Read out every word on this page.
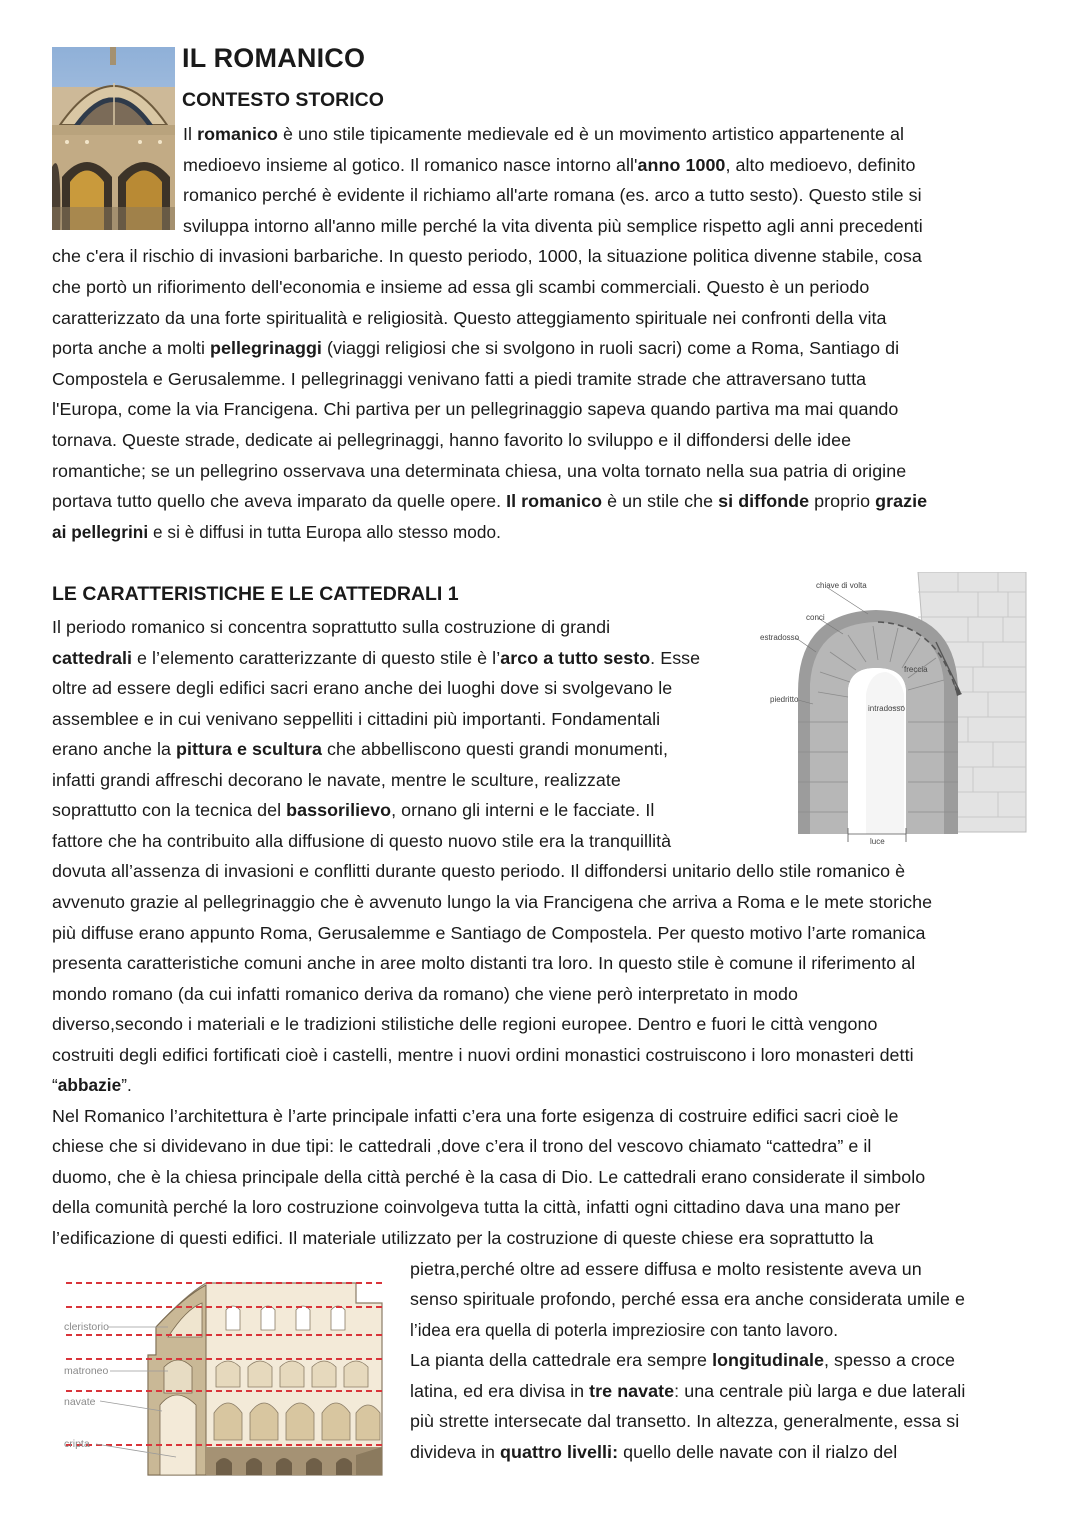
IL ROMANICO
CONTESTO STORICO
Il romanico è uno stile tipicamente medievale ed è un movimento artistico appartenente al
medioevo insieme al gotico. Il romanico nasce intorno all'anno 1000, alto medioevo, definito
romanico perché è evidente il richiamo all'arte romana (es. arco a tutto sesto). Questo stile si
sviluppa intorno all'anno mille perché la vita diventa più semplice rispetto agli anni precedenti
che c'era il rischio di invasioni barbariche. In questo periodo, 1000, la situazione politica divenne stabile, cosa
che portò un rifiorimento dell'economia e insieme ad essa gli scambi commerciali. Questo è un periodo
caratterizzato da una forte spiritualità e religiosità. Questo atteggiamento spirituale nei confronti della vita
porta anche a molti pellegrinaggi (viaggi religiosi che si svolgono in ruoli sacri) come a Roma, Santiago di
Compostela e Gerusalemme. I pellegrinaggi venivano fatti a piedi tramite strade che attraversano tutta
l'Europa, come la via Francigena. Chi partiva per un pellegrinaggio sapeva quando partiva ma mai quando
tornava. Queste strade, dedicate ai pellegrinaggi, hanno favorito lo sviluppo e il diffondersi delle idee
romantiche; se un pellegrino osservava una determinata chiesa, una volta tornato nella sua patria di origine
portava tutto quello che aveva imparato da quelle opere. Il romanico è un stile che si diffonde proprio grazie
ai pellegrini e si è diffusi in tutta Europa allo stesso modo.
LE CARATTERISTICHE E LE CATTEDRALI 1
Il periodo romanico si concentra soprattutto sulla costruzione di grandi
cattedrali e l’elemento caratterizzante di questo stile è l’arco a tutto sesto. Esse
oltre ad essere degli edifici sacri erano anche dei luoghi dove si svolgevano le
assemblee e in cui venivano seppelliti i cittadini più importanti. Fondamentali
erano anche la pittura e scultura che abbelliscono questi grandi monumenti,
infatti grandi affreschi decorano le navate, mentre le sculture, realizzate
soprattutto con la tecnica del bassorilievo, ornano gli interni e le facciate. Il
fattore che ha contribuito alla diffusione di questo nuovo stile era la tranquillità
dovuta all’assenza di invasioni e conflitti durante questo periodo. Il diffondersi unitario dello stile romanico è
avvenuto grazie al pellegrinaggio che è avvenuto lungo la via Francigena che arriva a Roma e le mete storiche
più diffuse erano appunto Roma, Gerusalemme e Santiago de Compostela. Per questo motivo l’arte romanica
presenta caratteristiche comuni anche in aree molto distanti tra loro. In questo stile è comune il riferimento al
mondo romano (da cui infatti romanico deriva da romano) che viene però interpretato in modo
diverso,secondo i materiali e le tradizioni stilistiche delle regioni europee. Dentro e fuori le città vengono
costruiti degli edifici fortificati cioè i castelli, mentre i nuovi ordini monastici costruiscono i loro monasteri detti
“abbazie”.
Nel Romanico l’architettura è l’arte principale infatti c’era una forte esigenza di costruire edifici sacri cioè le
chiese che si dividevano in due tipi: le cattedrali ,dove c’era il trono del vescovo chiamato “cattedra” e il
duomo, che è la chiesa principale della città perché è la casa di Dio. Le cattedrali erano considerate il simbolo
della comunità perché la loro costruzione coinvolgeva tutta la città, infatti ogni cittadino dava una mano per
l’edificazione di questi edifici. Il materiale utilizzato per la costruzione di queste chiese era soprattutto la
pietra,perché oltre ad essere diffusa e molto resistente aveva un
senso spirituale profondo, perché essa era anche considerata umile e
l’idea era quella di poterla impreziosire con tanto lavoro.
La pianta della cattedrale era sempre longitudinale, spesso a croce
latina, ed era divisa in tre navate: una centrale più larga e due laterali
più strette intersecate dal transetto. In altezza, generalmente, essa si
divideva in quattro livelli: quello delle navate con il rialzo del
chiave di volta
conci
estradosso
freccia
intradosso
piedritto
luce
cleristorio
matroneo
navate
cripta
